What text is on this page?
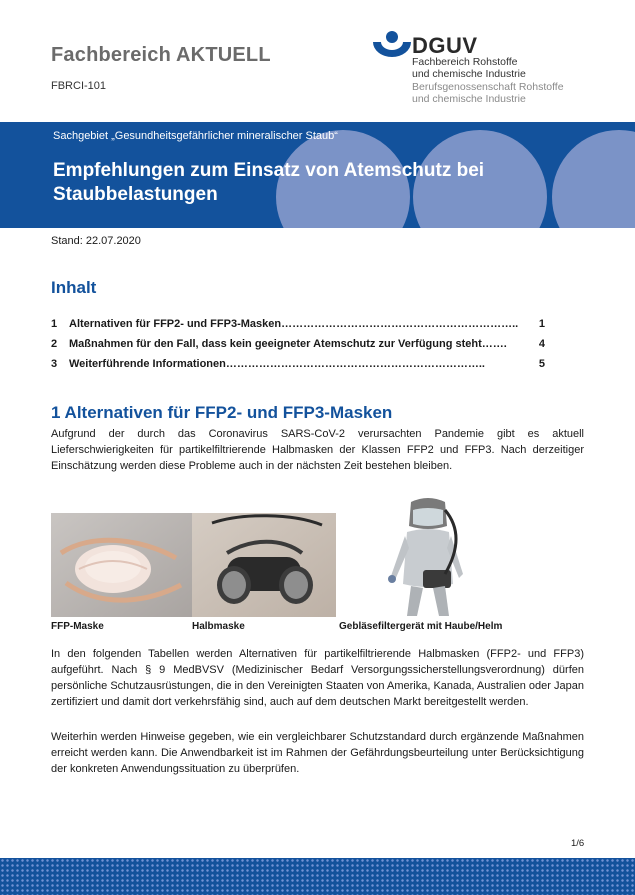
Fachbereich AKTUELL
FBRCI-101
DGUV
Fachbereich Rohstoffe
und chemische Industrie
Berufsgenossenschaft Rohstoffe
und chemische Industrie
Sachgebiet „Gesundheitsgefährlicher mineralischer Staub“
Empfehlungen zum Einsatz von Atemschutz bei Staubbelastungen
Stand: 22.07.2020
Inhalt
1	Alternativen für FFP2- und FFP3-Masken ………………………………………………………..	1
2	Maßnahmen für den Fall, dass kein geeigneter Atemschutz zur Verfügung steht …….	4
3	Weiterführende Informationen ……………………………………………………………..	5
1 Alternativen für FFP2- und FFP3-Masken
Aufgrund der durch das Coronavirus SARS-CoV-2 verursachten Pandemie gibt es aktuell Lieferschwierigkeiten für partikelfiltrierende Halbmasken der Klassen FFP2 und FFP3. Nach derzeitiger Einschätzung werden diese Probleme auch in der nächsten Zeit bestehen bleiben.
FFP-Maske	Halbmaske	Gebläsefiltergerät mit Haube/Helm
In den folgenden Tabellen werden Alternativen für partikelfiltrierende Halbmasken (FFP2- und FFP3) aufgeführt. Nach § 9 MedBVSV (Medizinischer Bedarf Versorgungssicherstellungsverordnung) dürfen persönliche Schutzausrüstungen, die in den Vereinigten Staaten von Amerika, Kanada, Australien oder Japan zertifiziert und damit dort verkehrsfähig sind, auch auf dem deutschen Markt bereitgestellt werden.
Weiterhin werden Hinweise gegeben, wie ein vergleichbarer Schutzstandard durch ergänzende Maßnahmen erreicht werden kann. Die Anwendbarkeit ist im Rahmen der Gefährdungsbeurteilung unter Berücksichtigung der konkreten Anwendungssituation zu überprüfen.
1/6
